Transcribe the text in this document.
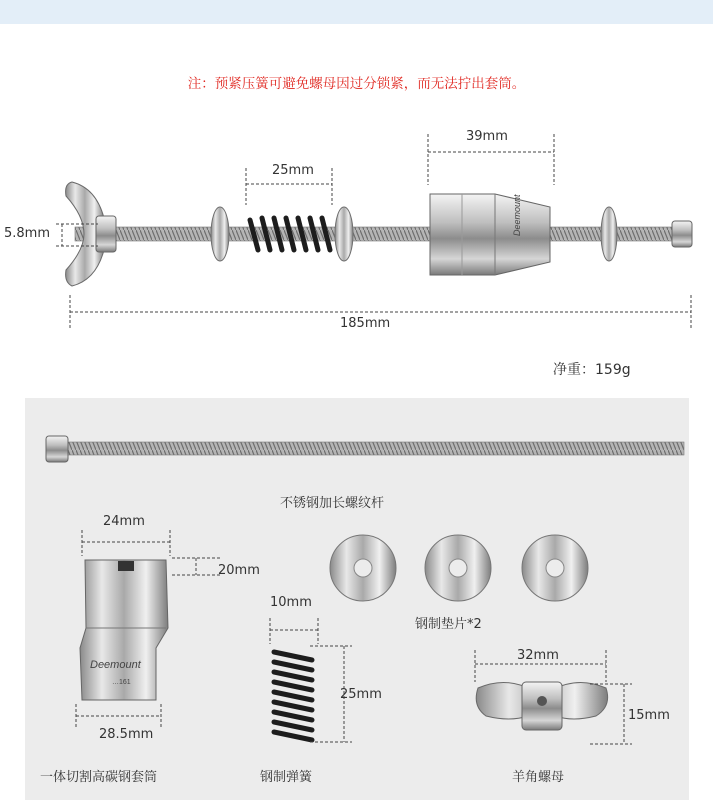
注：预紧压簧可避免螺母因过分锁紧，而无法拧出套筒。
Deemount
25mm
39mm
185mm
5.8mm
净重：159g
Deemount
…161
不锈钢加长螺纹杆
24mm
20mm
28.5mm
一体切割高碳钢套筒
10mm
25mm
钢制弹簧
钢制垫片*2
32mm
15mm
羊角螺母
